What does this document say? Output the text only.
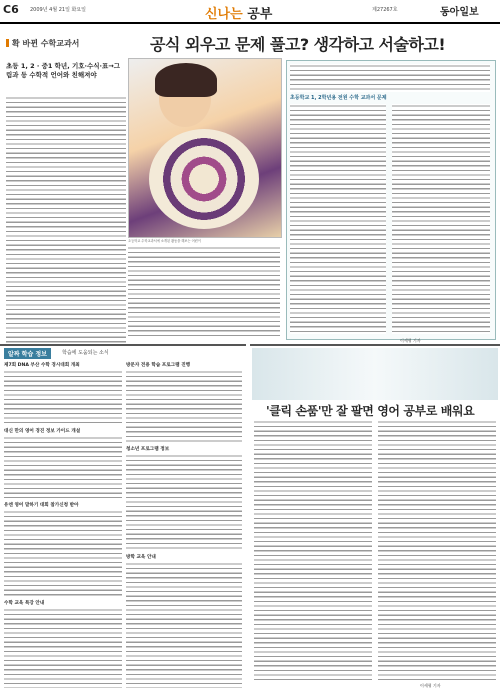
C6 2009년 4월 21일 화요일	신나는 공부	제27267호	동아일보
확 바뀐 수학교과서	공식 외우고 문제 풀고? 생각하고 서술하고!
초등 1, 2 · 중1 학년, 기호·수식·표→그림과 등 수학적 언어와 친해져야
초등학교 수학교과서에 소개된 활동을 해보는 어린이
초등학교 1, 2학년용 전원 수학 교과서 문제
이세형 기자
알짜 학습 정보	학습에 도움되는 소식
제7회 DNA 부산 수학 경시대회 개최
대신 만의 영어 경진 정보 가이드 개설
유엔 영어 말하기 대회 참가신청 받아
수학 교육 특강 안내
방문자 전용 학습 프로그램 진행
청소년 프로그램 정보
방학 교육 안내
'클릭 손품'만 잘 팔면 영어 공부로 배워요
이세형 기자
